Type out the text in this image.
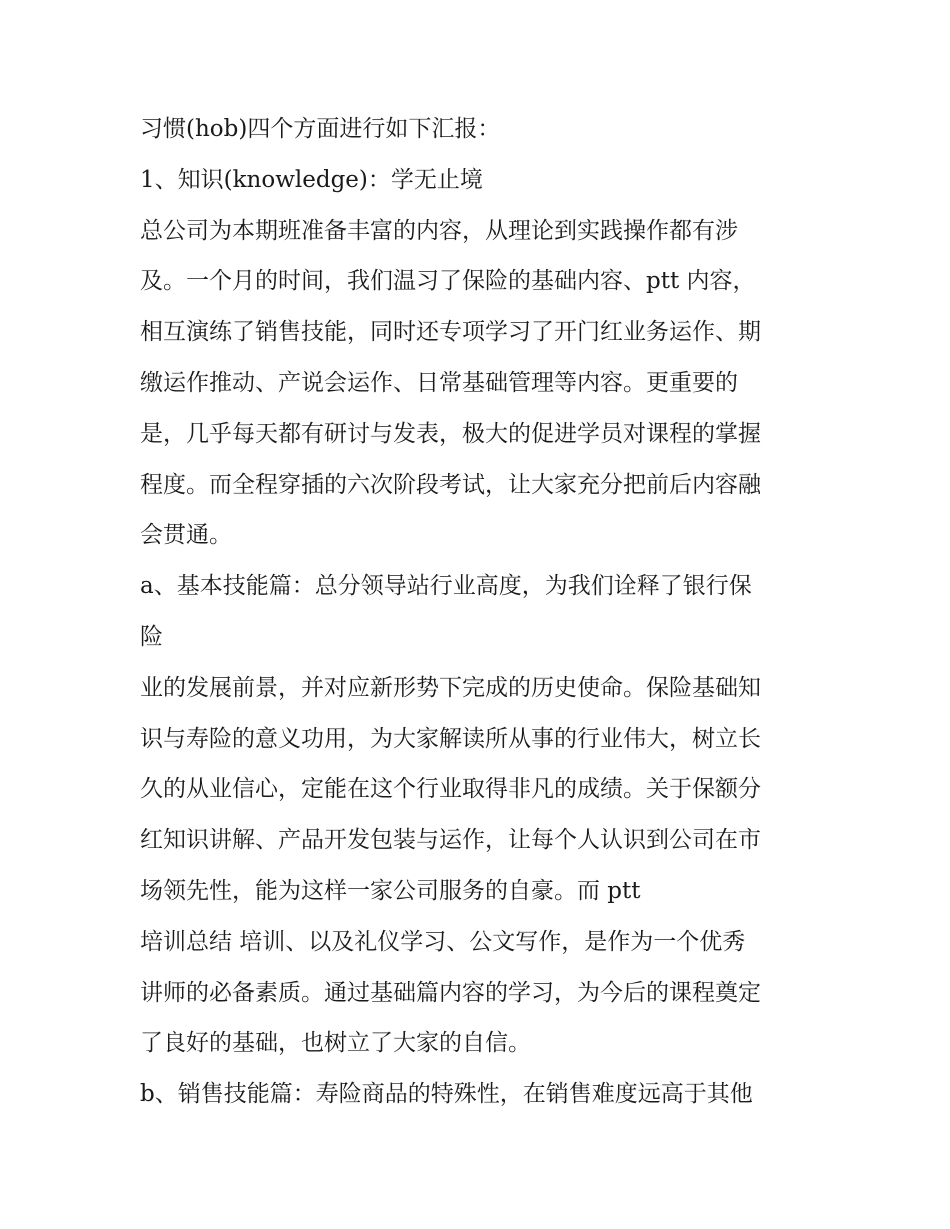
习惯(hob)四个方面进行如下汇报：
1、知识(knowledge)：学无止境
总公司为本期班准备丰富的内容，从理论到实践操作都有涉
及。一个月的时间，我们温习了保险的基础内容、ptt 内容，
相互演练了销售技能，同时还专项学习了开门红业务运作、期
缴运作推动、产说会运作、日常基础管理等内容。更重要的
是，几乎每天都有研讨与发表，极大的促进学员对课程的掌握
程度。而全程穿插的六次阶段考试，让大家充分把前后内容融
会贯通。
a、基本技能篇：总分领导站行业高度，为我们诠释了银行保
险
业的发展前景，并对应新形势下完成的历史使命。保险基础知
识与寿险的意义功用，为大家解读所从事的行业伟大，树立长
久的从业信心，定能在这个行业取得非凡的成绩。关于保额分
红知识讲解、产品开发包装与运作，让每个人认识到公司在市
场领先性，能为这样一家公司服务的自豪。而 ptt
培训总结 培训、以及礼仪学习、公文写作，是作为一个优秀
讲师的必备素质。通过基础篇内容的学习，为今后的课程奠定
了良好的基础，也树立了大家的自信。
b、销售技能篇：寿险商品的特殊性，在销售难度远高于其他
